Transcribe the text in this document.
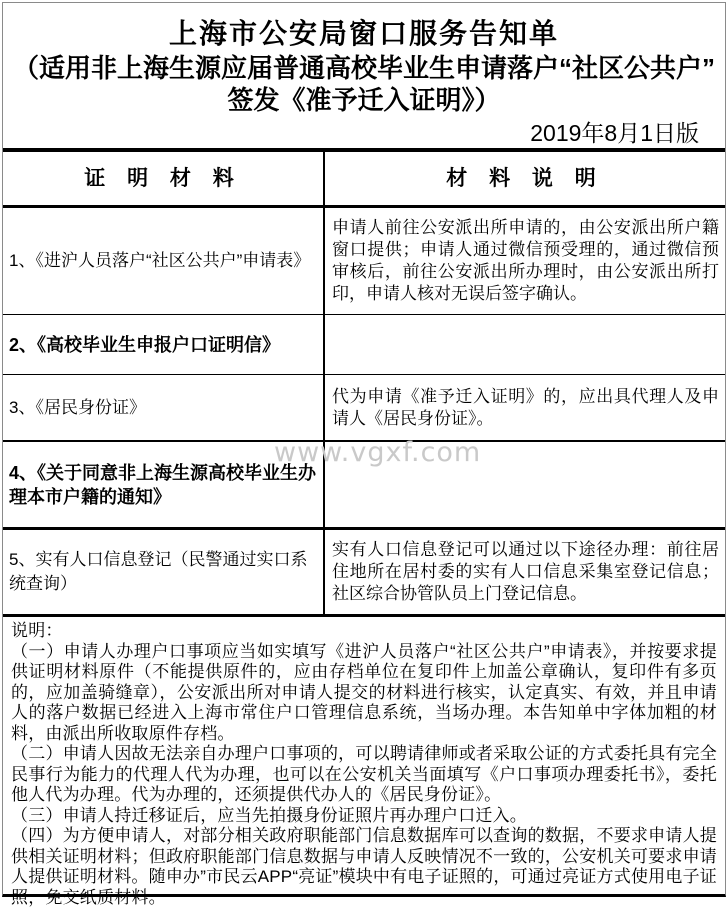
上海市公安局窗口服务告知单
（适用非上海生源应届普通高校毕业生申请落户“社区公共户”
签发《准予迁入证明》）
2019年8月1日版
证 明 材 料	材 料 说 明
1、《进沪人员落户“社区公共户”申请表》
申请人前往公安派出所申请的，由公安派出所户籍窗口提供；申请人通过微信预受理的，通过微信预审核后，前往公安派出所办理时，由公安派出所打印，申请人核对无误后签字确认。
2、《高校毕业生申报户口证明信》
3、《居民身份证》
代为申请《准予迁入证明》的，应出具代理人及申请人《居民身份证》。
4、《关于同意非上海生源高校毕业生办理本市户籍的通知》
5、实有人口信息登记（民警通过实口系统查询）
实有人口信息登记可以通过以下途径办理：前往居住地所在居村委的实有人口信息采集室登记信息；社区综合协管队员上门登记信息。

说明：

（一）申请人办理户口事项应当如实填写《进沪人员落户“社区公共户”申请表》，并按要求提供证明材料原件（不能提供原件的，应由存档单位在复印件上加盖公章确认，复印件有多页的，应加盖骑缝章），公安派出所对申请人提交的材料进行核实，认定真实、有效，并且申请人的落户数据已经进入上海市常住户口管理信息系统，当场办理。本告知单中字体加粗的材料，由派出所收取原件存档。

（二）申请人因故无法亲自办理户口事项的，可以聘请律师或者采取公证的方式委托具有完全民事行为能力的代理人代为办理，也可以在公安机关当面填写《户口事项办理委托书》，委托他人代为办理。代为办理的，还须提供代办人的《居民身份证》。

（三）申请人持迁移证后，应当先拍摄身份证照片再办理户口迁入。

（四）为方便申请人，对部分相关政府职能部门信息数据库可以查询的数据，不要求申请人提供相关证明材料；但政府职能部门信息数据与申请人反映情况不一致的，公安机关可要求申请人提供证明材料。随申办”市民云APP“亮证”模块中有电子证照的，可通过亮证方式使用电子证照，免交纸质材料。

www.vgxf.com
